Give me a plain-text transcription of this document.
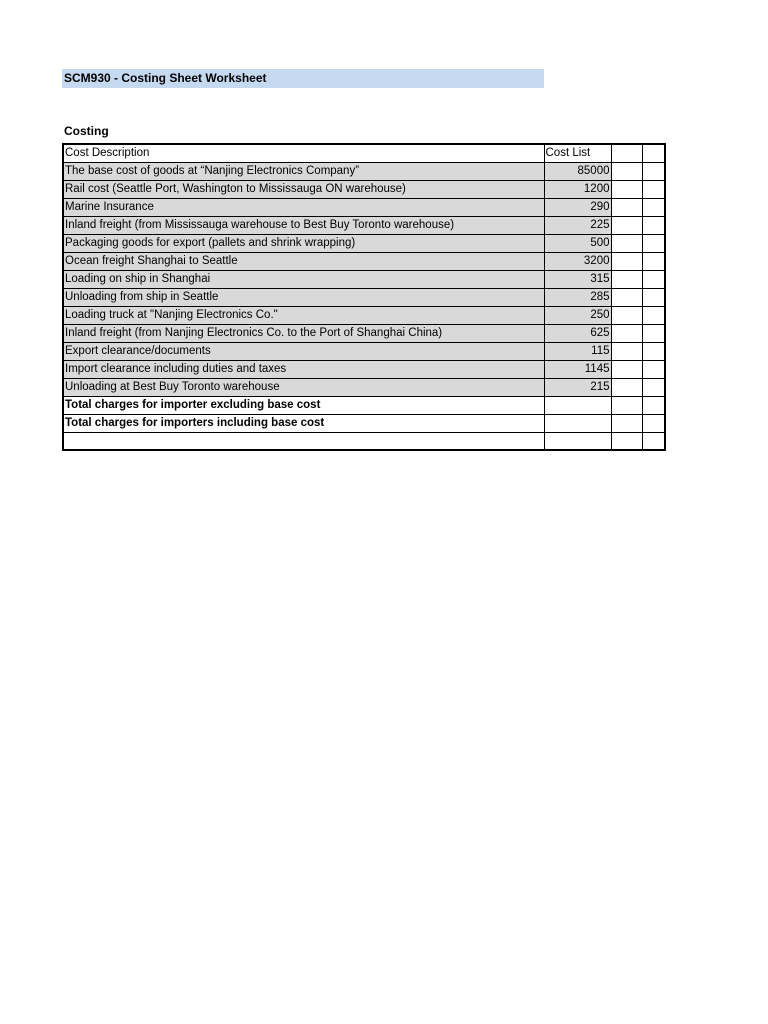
SCM930 - Costing Sheet Worksheet
Costing
Cost Description	Cost List		
The base cost of goods at “Nanjing Electronics Company”	85000		
Rail cost (Seattle Port, Washington to Mississauga ON warehouse)	1200		
Marine Insurance	290		
Inland freight (from Mississauga warehouse to Best Buy Toronto warehouse)	225		
Packaging goods for export (pallets and shrink wrapping)	500		
Ocean freight Shanghai to Seattle	3200		
Loading on ship in Shanghai	315		
Unloading from ship in Seattle	285		
Loading truck at "Nanjing Electronics Co."	250		
Inland freight (from Nanjing Electronics Co. to the Port of Shanghai China)	625		
Export clearance/documents	115		
Import clearance including duties and taxes	1145		
Unloading at Best Buy Toronto warehouse	215		
Total charges for importer excluding base cost			
Total charges for importers including base cost			
